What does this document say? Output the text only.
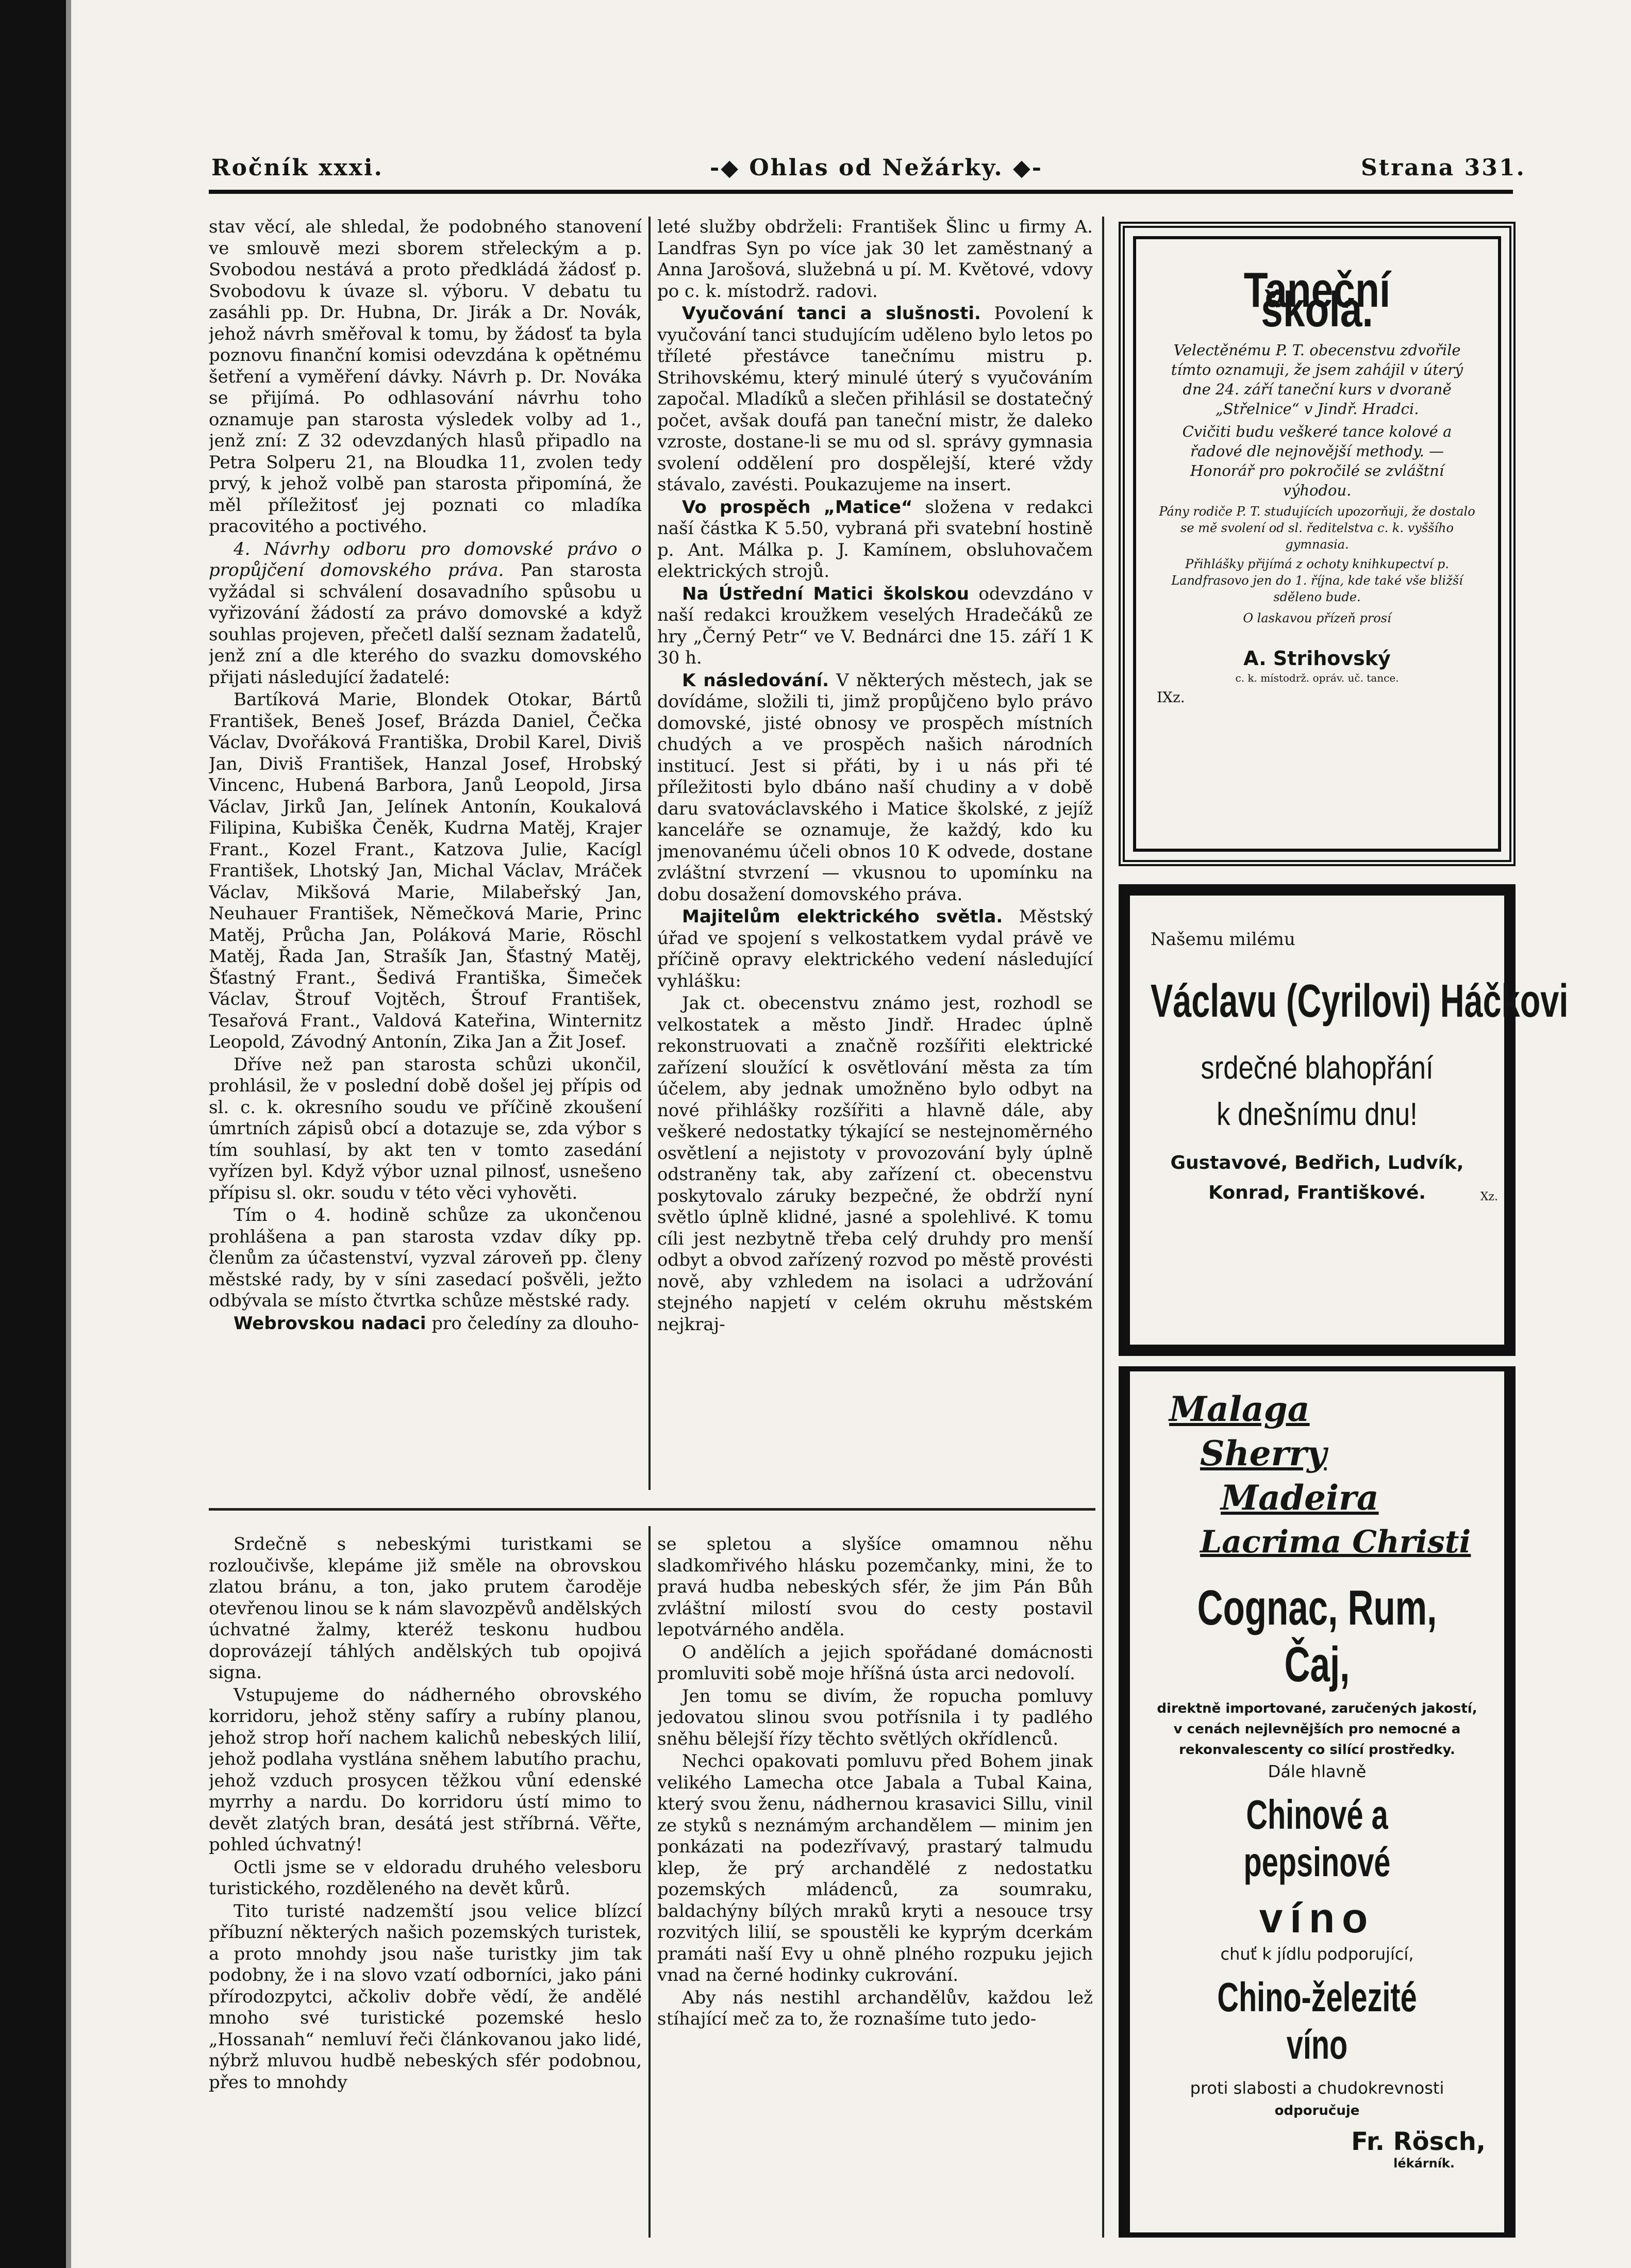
Ročník xxxi.	-◆ Ohlas od Nežárky. ◆-	Strana 331.

stav věcí, ale shledal, že podobného stanovení ve smlouvě mezi sborem střeleckým a p. Svobodou nestává a proto předkládá žádosť p. Svobodovu k úvaze sl. výboru. V debatu tu zasáhli pp. Dr. Hubna, Dr. Jirák a Dr. Novák, jehož návrh směřoval k tomu, by žádosť ta byla poznovu finanční komisi odevzdána k opětnému šetření a vyměření dávky. Návrh p. Dr. Nováka se přijímá. Po odhlasování návrhu toho oznamuje pan starosta výsledek volby ad 1., jenž zní: Z 32 odevzdaných hlasů připadlo na Petra Solperu 21, na Bloudka 11, zvolen tedy prvý, k jehož volbě pan starosta připomíná, že měl příležitosť jej poznati co mladíka pracovitého a poctivého.

4. Návrhy odboru pro domovské právo o propůjčení domovského práva. Pan starosta vyžádal si schválení dosavadního spůsobu u vyřizování žádostí za právo domovské a když souhlas projeven, přečetl další seznam žadatelů, jenž zní a dle kterého do svazku domovského přijati následující žadatelé:

Bartíková Marie, Blondek Otokar, Bártů František, Beneš Josef, Brázda Daniel, Čečka Václav, Dvořáková Františka, Drobil Karel, Diviš Jan, Diviš František, Hanzal Josef, Hrobský Vincenc, Hubená Barbora, Janů Leopold, Jirsa Václav, Jirků Jan, Jelínek Antonín, Koukalová Filipina, Kubiška Čeněk, Kudrna Matěj, Krajer Frant., Kozel Frant., Katzova Julie, Kacígl František, Lhotský Jan, Michal Václav, Mráček Václav, Mikšová Marie, Milabeřský Jan, Neuhauer František, Němečková Marie, Princ Matěj, Průcha Jan, Poláková Marie, Röschl Matěj, Řada Jan, Strašík Jan, Šťastný Matěj, Šťastný Frant., Šedivá Františka, Šimeček Václav, Štrouf Vojtěch, Štrouf František, Tesařová Frant., Valdová Kateřina, Winternitz Leopold, Závodný Antonín, Zika Jan a Žit Josef.

Dříve než pan starosta schůzi ukončil, prohlásil, že v poslední době došel jej přípis od sl. c. k. okresního soudu ve příčině zkoušení úmrtních zápisů obcí a dotazuje se, zda výbor s tím souhlasí, by akt ten v tomto zasedání vyřízen byl. Když výbor uznal pilnosť, usnešeno přípisu sl. okr. soudu v této věci vyhověti.

Tím o 4. hodině schůze za ukončenou prohlášena a pan starosta vzdav díky pp. členům za účastenství, vyzval zároveň pp. členy městské rady, by v síni zasedací pošvěli, ježto odbývala se místo čtvrtka schůze městské rady.

Webrovskou nadaci pro čeledíny za dlouho-

leté služby obdrželi: František Šlinc u firmy A. Landfras Syn po více jak 30 let zaměstnaný a Anna Jarošová, služebná u pí. M. Květové, vdovy po c. k. místodrž. radovi.

Vyučování tanci a slušnosti. Povolení k vyučování tanci studujícím uděleno bylo letos po tříleté přestávce tanečnímu mistru p. Strihovskému, který minulé úterý s vyučováním započal. Mladíků a slečen přihlásil se dostatečný počet, avšak doufá pan taneční mistr, že daleko vzroste, dostane-li se mu od sl. správy gymnasia svolení oddělení pro dospělejší, které vždy stávalo, zavésti. Poukazujeme na insert.

Vo prospěch „Matice“ složena v redakci naší částka K 5.50, vybraná při svatební hostině p. Ant. Málka p. J. Kamínem, obsluhovačem elektrických strojů.

Na Ústřední Matici školskou odevzdáno v naší redakci kroužkem veselých Hradečáků ze hry „Černý Petr“ ve V. Bednárci dne 15. září 1 K 30 h.

K následování. V některých městech, jak se dovídáme, složili ti, jimž propůjčeno bylo právo domovské, jisté obnosy ve prospěch místních chudých a ve prospěch našich národních institucí. Jest si přáti, by i u nás při té příležitosti bylo dbáno naší chudiny a v době daru svatováclavského i Matice školské, z jejíž kanceláře se oznamuje, že každý, kdo ku jmenovanému účeli obnos 10 K odvede, dostane zvláštní stvrzení — vkusnou to upomínku na dobu dosažení domovského práva.

Majitelům elektrického světla. Městský úřad ve spojení s velkostatkem vydal právě ve příčině opravy elektrického vedení následující vyhlášku:

Jak ct. obecenstvu známo jest, rozhodl se velkostatek a město Jindř. Hradec úplně rekonstruovati a značně rozšířiti elektrické zařízení sloužící k osvětlování města za tím účelem, aby jednak umožněno bylo odbyt na nové přihlášky rozšířiti a hlavně dále, aby veškeré nedostatky týkající se nestejnoměrného osvětlení a nejistoty v provozování byly úplně odstraněny tak, aby zařízení ct. obecenstvu poskytovalo záruky bezpečné, že obdrží nyní světlo úplně klidné, jasné a spolehlivé. K tomu cíli jest nezbytně třeba celý druhdy pro menší odbyt a obvod zařízený rozvod po městě provésti nově, aby vzhledem na isolaci a udržování stejného napjetí v celém okruhu městském nejkraj-

Srdečně s nebeskými turistkami se rozloučivše, klepáme již směle na obrovskou zlatou bránu, a ton, jako prutem čaroděje otevřenou linou se k nám slavozpěvů andělských úchvatné žalmy, kteréž teskonu hudbou doprovázejí táhlých andělských tub opojivá signa.

Vstupujeme do nádherného obrovského korridoru, jehož stěny safíry a rubíny planou, jehož strop hoří nachem kalichů nebeských lilií, jehož podlaha vystlána sněhem labutího prachu, jehož vzduch prosycen těžkou vůní edenské myrrhy a nardu. Do korridoru ústí mimo to devět zlatých bran, desátá jest stříbrná. Věřte, pohled úchvatný!

Octli jsme se v eldoradu druhého velesboru turistického, rozděleného na devět kůrů.

Tito turisté nadzemští jsou velice blízcí příbuzní některých našich pozemských turistek, a proto mnohdy jsou naše turistky jim tak podobny, že i na slovo vzatí odborníci, jako páni přírodozpytci, ačkoliv dobře vědí, že andělé mnoho své turistické pozemské heslo „Hossanah“ nemluví řeči článkovanou jako lidé, nýbrž mluvou hudbě nebeských sfér podobnou, přes to mnohdy

se spletou a slyšíce omamnou něhu sladkomřivého hlásku pozemčanky, mini, že to pravá hudba nebeských sfér, že jim Pán Bůh zvláštní milostí svou do cesty postavil lepotvárného anděla.

O andělích a jejich spořádané domácnosti promluviti sobě moje hříšná ústa arci nedovolí.

Jen tomu se divím, že ropucha pomluvy jedovatou slinou svou potřísnila i ty padlého sněhu bělejší řízy těchto světlých okřídlenců.

Nechci opakovati pomluvu před Bohem jinak velikého Lamecha otce Jabala a Tubal Kaina, který svou ženu, nádhernou krasavici Sillu, vinil ze styků s neznámým archandělem — minim jen ponkázati na podezřívavý, prastarý talmudu klep, že prý archandělé z nedostatku pozemských mládenců, za soumraku, baldachýny bílých mraků kryti a nesouce trsy rozvitých lilií, se spoustěli ke kyprým dcerkám pramáti naší Evy u ohně plného rozpuku jejich vnad na černé hodinky cukrování.

Aby nás nestihl archandělův, každou lež stíhající meč za to, že roznašíme tuto jedo-

Taneční škola.

Velectěnému P. T. obecenstvu zdvořile tímto oznamuji, že jsem zahájil v úterý dne 24. září taneční kurs v dvoraně „Střelnice“ v Jindř. Hradci.

Cvičiti budu veškeré tance kolové a řadové dle nejnovější methody. — Honorář pro pokročilé se zvláštní výhodou.

Pány rodiče P. T. studujících upozorňuji, že dostalo se mě svolení od sl. ředitelstva c. k. vyššího gymnasia.

Přihlášky přijímá z ochoty knihkupectví p. Landfrasovo jen do 1. října, kde také vše bližší sděleno bude.

O laskavou přízeň prosí

A. Strihovský
c. k. místodrž. opráv. uč. tance.
IXz.
Našemu milému
Václavu (Cyrilovi) Háčkovi
srdečné blahopřání
k dnešnímu dnu!
Gustavové, Bedřich, Ludvík,
Konrad, Františkové.	Xz.
Malaga
Sherry
Madeira
Lacrima Christi
Cognac, Rum, Čaj,
direktně importované, zaručených jakostí,
v cenách nejlevnějších pro nemocné a
rekonvalescenty co silící prostředky.
Dále hlavně
Chinové a pepsinové
víno
chuť k jídlu podporující,
Chino-železité víno
proti slabosti a chudokrevnosti
odporučuje
Fr. Rösch,
lékárník.
